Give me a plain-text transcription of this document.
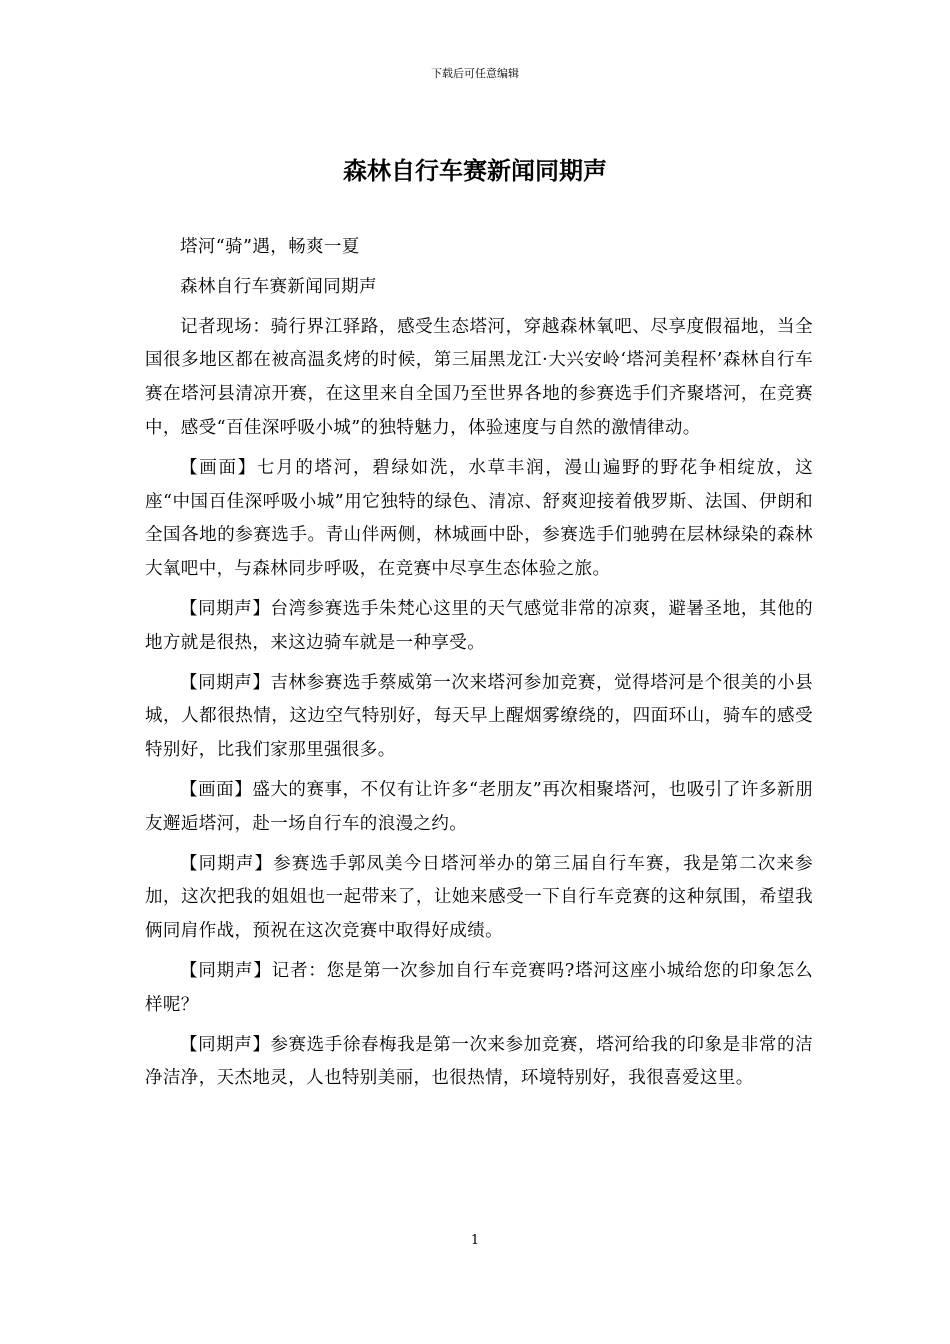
下载后可任意编辑
森林自行车赛新闻同期声

塔河“骑”遇，畅爽一夏

森林自行车赛新闻同期声

记者现场：骑行界江驿路，感受生态塔河，穿越森林氧吧、尽享度假福地，当全国很多地区都在被高温炙烤的时候，第三届黑龙江·大兴安岭‘塔河美程杯’森林自行车赛在塔河县清凉开赛，在这里来自全国乃至世界各地的参赛选手们齐聚塔河，在竞赛中，感受“百佳深呼吸小城”的独特魅力，体验速度与自然的激情律动。

【画面】七月的塔河，碧绿如洗，水草丰润，漫山遍野的野花争相绽放，这座“中国百佳深呼吸小城”用它独特的绿色、清凉、舒爽迎接着俄罗斯、法国、伊朗和全国各地的参赛选手。青山伴两侧，林城画中卧，参赛选手们驰骋在层林绿染的森林大氧吧中，与森林同步呼吸，在竞赛中尽享生态体验之旅。

【同期声】台湾参赛选手朱梵心这里的天气感觉非常的凉爽，避暑圣地，其他的地方就是很热，来这边骑车就是一种享受。

【同期声】吉林参赛选手蔡威第一次来塔河参加竞赛，觉得塔河是个很美的小县城，人都很热情，这边空气特别好，每天早上醒烟雾缭绕的，四面环山，骑车的感受特别好，比我们家那里强很多。

【画面】盛大的赛事，不仅有让许多“老朋友”再次相聚塔河，也吸引了许多新朋友邂逅塔河，赴一场自行车的浪漫之约。

【同期声】参赛选手郭凤美今日塔河举办的第三届自行车赛，我是第二次来参加，这次把我的姐姐也一起带来了，让她来感受一下自行车竞赛的这种氛围，希望我俩同肩作战，预祝在这次竞赛中取得好成绩。

【同期声】记者：您是第一次参加自行车竞赛吗?塔河这座小城给您的印象怎么样呢？

【同期声】参赛选手徐春梅我是第一次来参加竞赛，塔河给我的印象是非常的洁净洁净，天杰地灵，人也特别美丽，也很热情，环境特别好，我很喜爱这里。

1
